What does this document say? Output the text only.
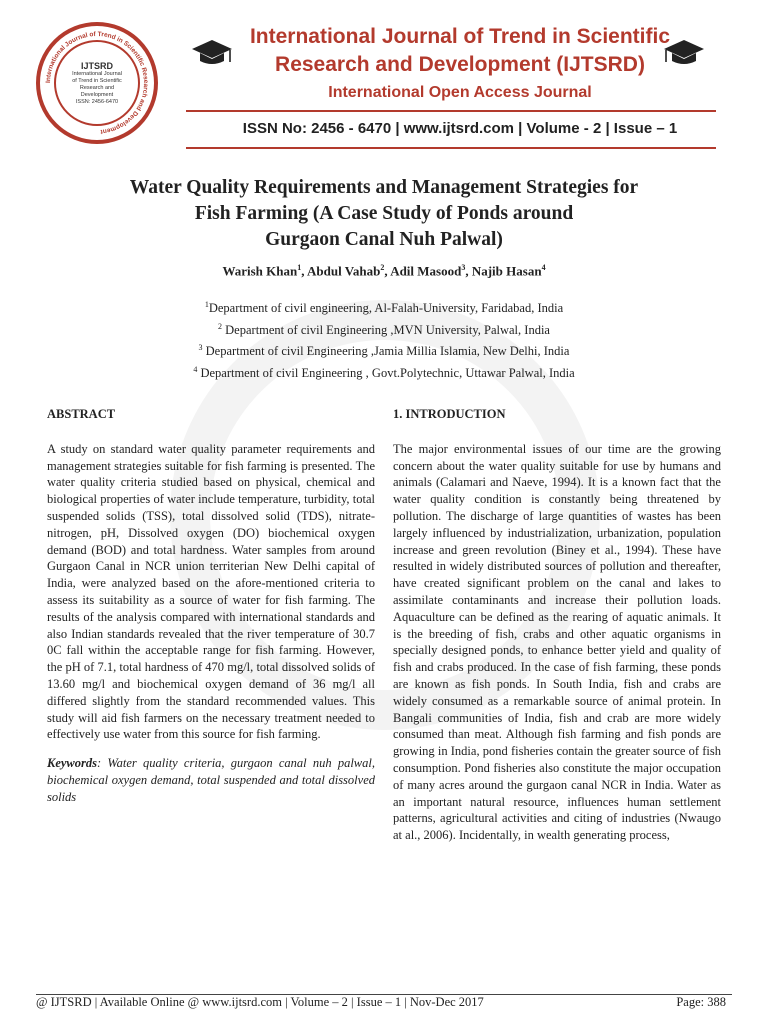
International Journal of Trend in Scientific Research and Development
IJTSRD
International Journal
of Trend in Scientific
Research and
Development
ISSN: 2456-6470
International Journal of Trend in Scientific
Research and Development (IJTSRD)
International Open Access Journal
ISSN No: 2456 - 6470 | www.ijtsrd.com | Volume - 2 | Issue – 1
Water Quality Requirements and Management Strategies for
Fish Farming (A Case Study of Ponds around
Gurgaon Canal Nuh Palwal)
Warish Khan$^1$, Abdul Vahab$^2$, Adil Masood$^3$, Najib Hasan$^4$
$^1$Department of civil engineering, Al-Falah-University, Faridabad, India
$^2$ Department of civil Engineering ,MVN University, Palwal, India
$^3$ Department of civil Engineering ,Jamia Millia Islamia, New Delhi, India
$^4$ Department of civil Engineering , Govt.Polytechnic, Uttawar Palwal, India
ABSTRACT

A study on standard water quality parameter requirements and management strategies suitable for fish farming is presented. The water quality criteria studied based on physical, chemical and biological properties of water include temperature, turbidity, total suspended solids (TSS), total dissolved solid (TDS), nitrate- nitrogen, pH, Dissolved oxygen (DO) biochemical oxygen demand (BOD) and total hardness. Water samples from around Gurgaon Canal in NCR union territerian New Delhi capital of India, were analyzed based on the afore-mentioned criteria to assess its suitability as a source of water for fish farming. The results of the analysis compared with international standards and also Indian standards revealed that the river temperature of 30.7 0C fall within the acceptable range for fish farming. However, the pH of 7.1, total hardness of 470 mg/l, total dissolved solids of 13.60 mg/l and biochemical oxygen demand of 36 mg/l all differed slightly from the standard recommended values. This study will aid fish farmers on the necessary treatment needed to effectively use water from this source for fish farming.

Keywords: Water quality criteria, gurgaon canal nuh palwal, biochemical oxygen demand, total suspended and total dissolved solids

1. INTRODUCTION

The major environmental issues of our time are the growing concern about the water quality suitable for use by humans and animals (Calamari and Naeve, 1994). It is a known fact that the water quality condition is constantly being threatened by pollution. The discharge of large quantities of wastes has been largely influenced by industrialization, urbanization, population increase and green revolution (Biney et al., 1994). These have resulted in widely distributed sources of pollution and thereafter, have created significant problem on the canal and lakes to assimilate contaminants and increase their pollution loads. Aquaculture can be defined as the rearing of aquatic animals. It is the breeding of fish, crabs and other aquatic organisms in specially designed ponds, to enhance better yield and quality of fish and crabs produced. In the case of fish farming, these ponds are known as fish ponds. In South India, fish and crabs are widely consumed as a remarkable source of animal protein. In Bangali communities of India, fish and crab are more widely consumed than meat. Although fish farming and fish ponds are growing in India, pond fisheries contain the greater source of fish consumption. Pond fisheries also constitute the major occupation of many acres around the gurgaon canal NCR in India. Water as an important natural resource, influences human settlement patterns, agricultural activities and citing of industries (Nwaugo at al., 2006). Incidentally, in wealth generating process,

@ IJTSRD | Available Online @ www.ijtsrd.com | Volume – 2 | Issue – 1 | Nov-Dec 2017	Page: 388
